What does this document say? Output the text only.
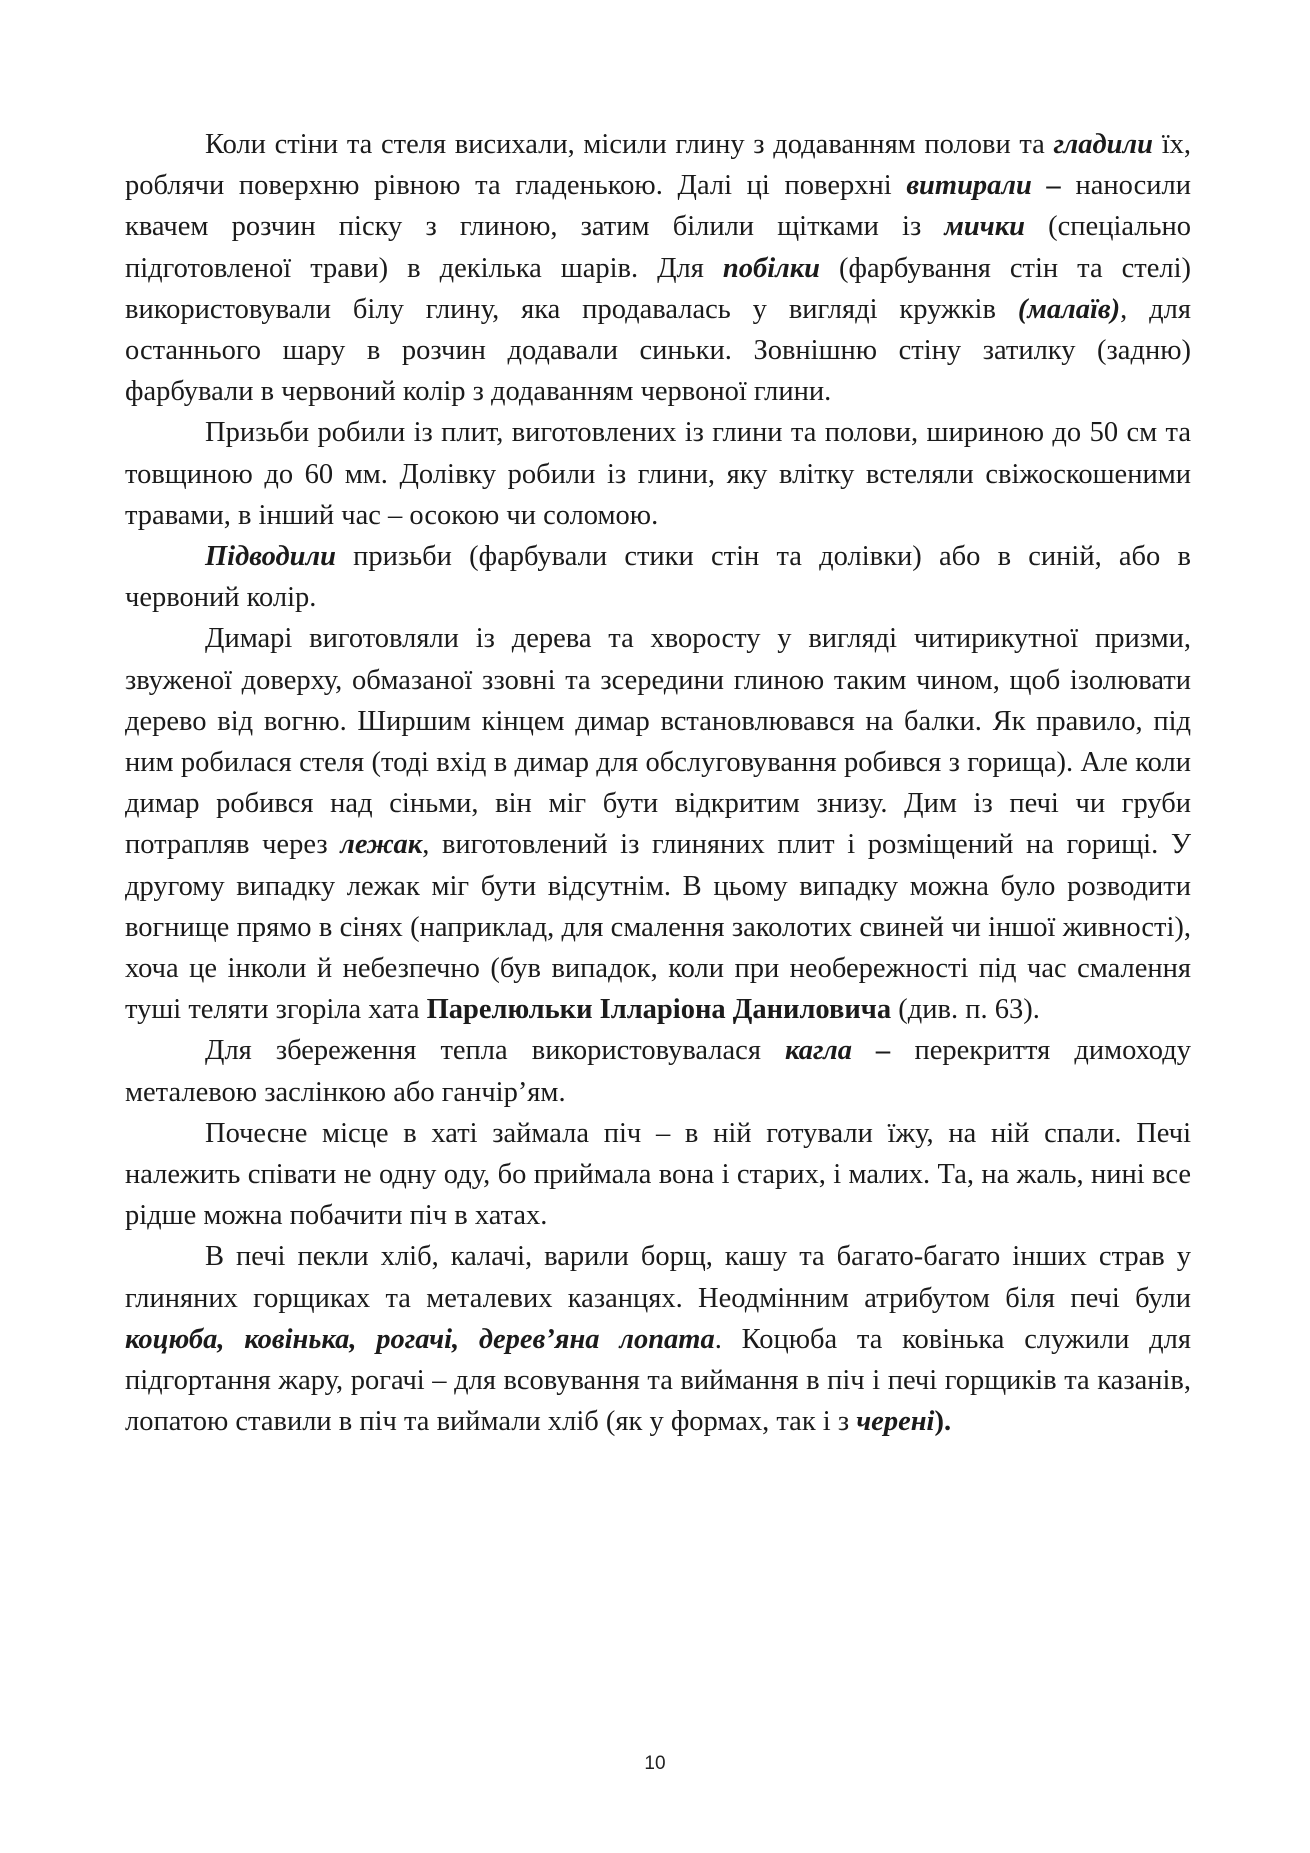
Коли стіни та стеля висихали, місили глину з додаванням полови та гладили їх, роблячи поверхню рівною та гладенькою. Далі ці поверхні витирали – наносили квачем розчин піску з глиною, затим білили щітками із мички (спеціально підготовленої трави) в декілька шарів. Для побілки (фарбування стін та стелі) використовували білу глину, яка продавалась у вигляді кружків (малаїв), для останнього шару в розчин додавали синьки. Зовнішню стіну затилку (задню) фарбували в червоний колір з додаванням червоної глини.

Призьби робили із плит, виготовлених із глини та полови, шириною до 50 см та товщиною до 60 мм. Долівку робили із глини, яку влітку встеляли свіжоскошеними травами, в інший час – осокою чи соломою.

Підводили призьби (фарбували стики стін та долівки) або в синій, або в червоний колір.

Димарі виготовляли із дерева та хворосту у вигляді читирикутної призми, звуженої доверху, обмазаної ззовні та зсередини глиною таким чином, щоб ізолювати дерево від вогню. Ширшим кінцем димар встановлювався на балки. Як правило, під ним робилася стеля (тоді вхід в димар для обслуговування робився з горища). Але коли димар робився над сіньми, він міг бути відкритим знизу. Дим із печі чи груби потрапляв через лежак, виготовлений із глиняних плит і розміщений на горищі. У другому випадку лежак міг бути відсутнім. В цьому випадку можна було розводити вогнище прямо в сінях (наприклад, для смалення заколотих свиней чи іншої живності), хоча це інколи й небезпечно (був випадок, коли при необережності під час смалення туші теляти згоріла хата Парелюльки Ілларіона Даниловича (див. п. 63).

Для збереження тепла використовувалася кагла – перекриття димоходу металевою заслінкою або ганчір’ям.

Почесне місце в хаті займала піч – в ній готували їжу, на ній спали. Печі належить співати не одну оду, бо приймала вона і старих, і малих. Та, на жаль, нині все рідше можна побачити піч в хатах.

В печі пекли хліб, калачі, варили борщ, кашу та багато-багато інших страв у глиняних горщиках та металевих казанцях. Неодмінним атрибутом біля печі були коцюба, ковінька, рогачі, дерев’яна лопата. Коцюба та ковінька служили для підгортання жару, рогачі – для всовування та виймання в піч і печі горщиків та казанів, лопатою ставили в піч та виймали хліб (як у формах, так і з черені).

10
